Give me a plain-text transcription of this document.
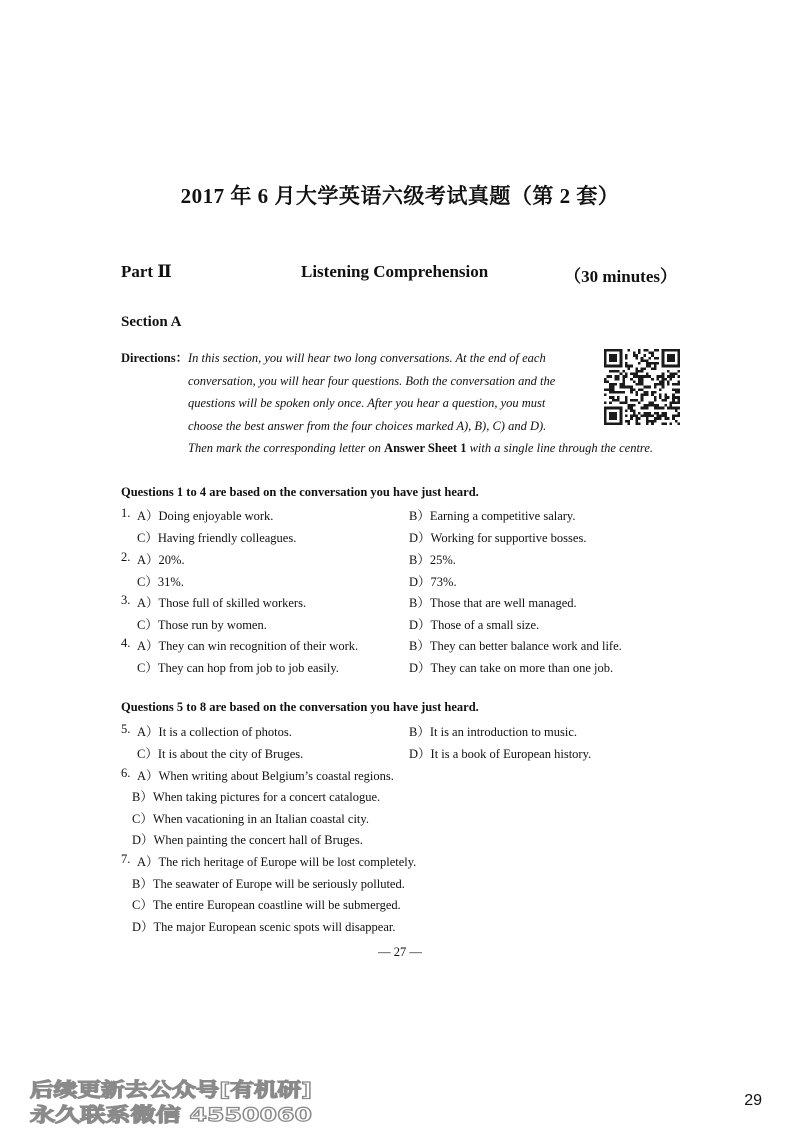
2017 年 6 月大学英语六级考试真题（第 2 套）
Part Ⅱ	Listening Comprehension	（30 minutes）
Section A
Directions： In this section, you will hear two long conversations. At the end of each
conversation, you will hear four questions. Both the conversation and the
questions will be spoken only once. After you hear a question, you must
choose the best answer from the four choices marked A), B), C) and D).
Then mark the corresponding letter on Answer Sheet 1 with a single line through the centre.
Questions 1 to 4 are based on the conversation you have just heard.
1. A）Doing enjoyable work.	B）Earning a competitive salary.
C）Having friendly colleagues.	D）Working for supportive bosses.
2. A）20%.	B）25%.
C）31%.	D）73%.
3. A）Those full of skilled workers.	B）Those that are well managed.
C）Those run by women.	D）Those of a small size.
4. A）They can win recognition of their work.	B）They can better balance work and life.
C）They can hop from job to job easily.	D）They can take on more than one job.
Questions 5 to 8 are based on the conversation you have just heard.
5. A）It is a collection of photos.	B）It is an introduction to music.
C）It is about the city of Bruges.	D）It is a book of European history.
6. A）When writing about Belgium’s coastal regions.
B）When taking pictures for a concert catalogue.
C）When vacationing in an Italian coastal city.
D）When painting the concert hall of Bruges.
7. A）The rich heritage of Europe will be lost completely.
B）The seawater of Europe will be seriously polluted.
C）The entire European coastline will be submerged.
D）The major European scenic spots will disappear.
— 27 —
29
后续更新去公众号[有机研]
永久联系微信 4550060
